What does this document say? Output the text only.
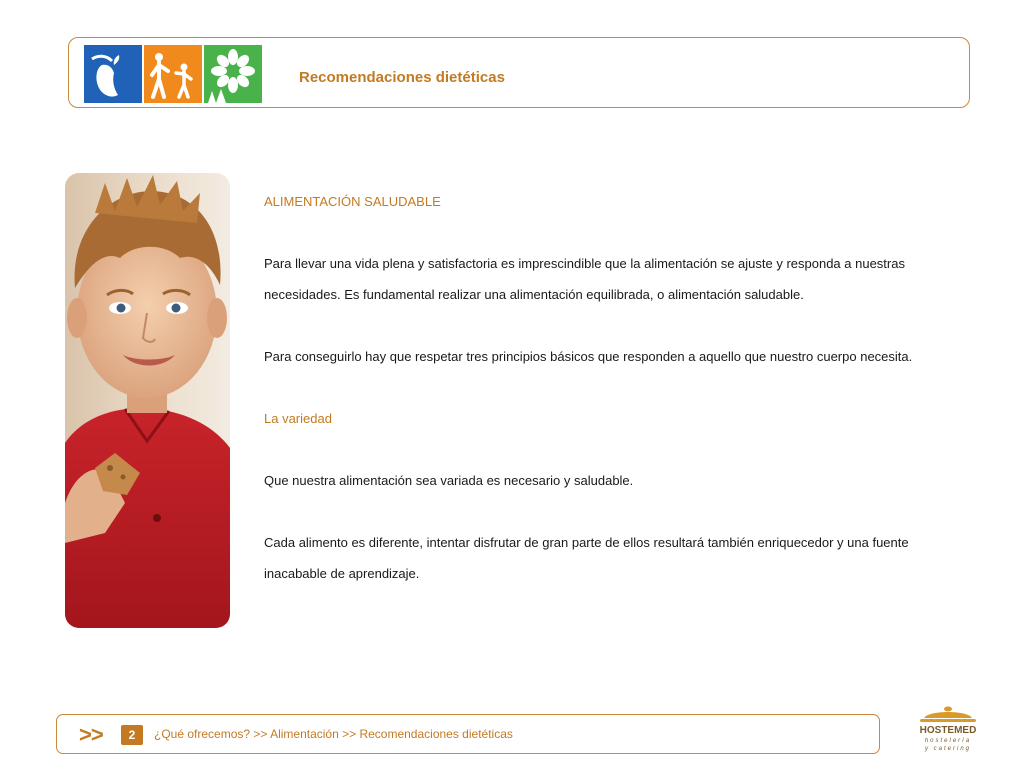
Recomendaciones dietéticas

ALIMENTACIÓN SALUDABLE

Para llevar una vida plena y satisfactoria es imprescindible que la alimentación se ajuste y responda a nuestras necesidades. Es fundamental realizar una alimentación equilibrada, o alimentación saludable.

Para conseguirlo hay que respetar tres principios básicos que responden a aquello que nuestro cuerpo necesita.

La variedad

Que nuestra alimentación sea variada es necesario y saludable.

Cada alimento es diferente, intentar disfrutar de gran parte de ellos resultará también enriquecedor y una fuente inacabable de aprendizaje.

>>	2	¿Qué ofrecemos? >> Alimentación >> Recomendaciones dietéticas	HOSTEMED
hostelería
y catering
